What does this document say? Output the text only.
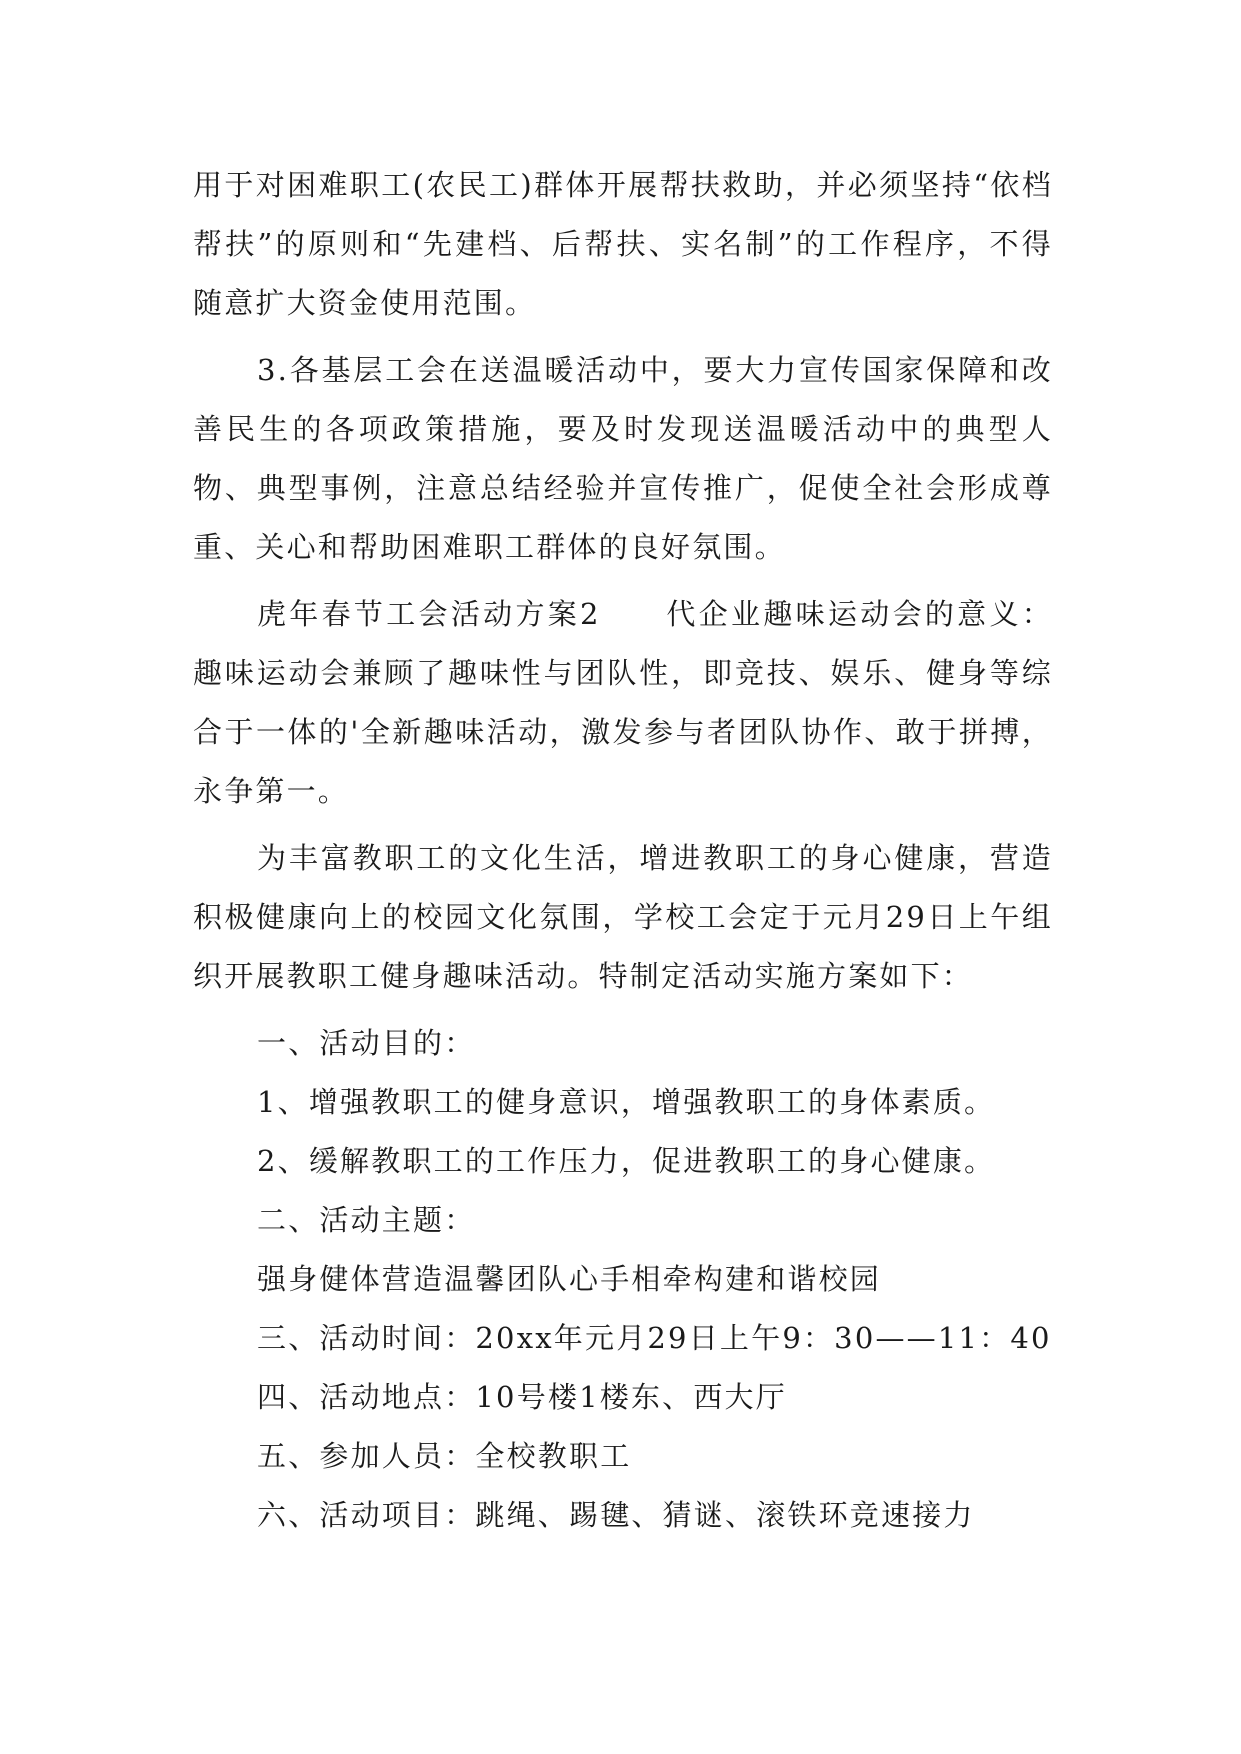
用于对困难职工(农民工)群体开展帮扶救助，并必须坚持“依档帮扶”的原则和“先建档、后帮扶、实名制”的工作程序，不得随意扩大资金使用范围。

3.各基层工会在送温暖活动中，要大力宣传国家保障和改善民生的各项政策措施，要及时发现送温暖活动中的典型人物、典型事例，注意总结经验并宣传推广，促使全社会形成尊重、关心和帮助困难职工群体的良好氛围。

虎年春节工会活动方案2　　代企业趣味运动会的意义：趣味运动会兼顾了趣味性与团队性，即竞技、娱乐、健身等综合于一体的'全新趣味活动，激发参与者团队协作、敢于拼搏，永争第一。

为丰富教职工的文化生活，增进教职工的身心健康，营造积极健康向上的校园文化氛围，学校工会定于元月29日上午组织开展教职工健身趣味活动。特制定活动实施方案如下：

一、活动目的：
1、增强教职工的健身意识，增强教职工的身体素质。
2、缓解教职工的工作压力，促进教职工的身心健康。
二、活动主题：
强身健体营造温馨团队心手相牵构建和谐校园
三、活动时间：20xx年元月29日上午9：30——11：40
四、活动地点：10号楼1楼东、西大厅
五、参加人员：全校教职工
六、活动项目：跳绳、踢毽、猜谜、滚铁环竞速接力
